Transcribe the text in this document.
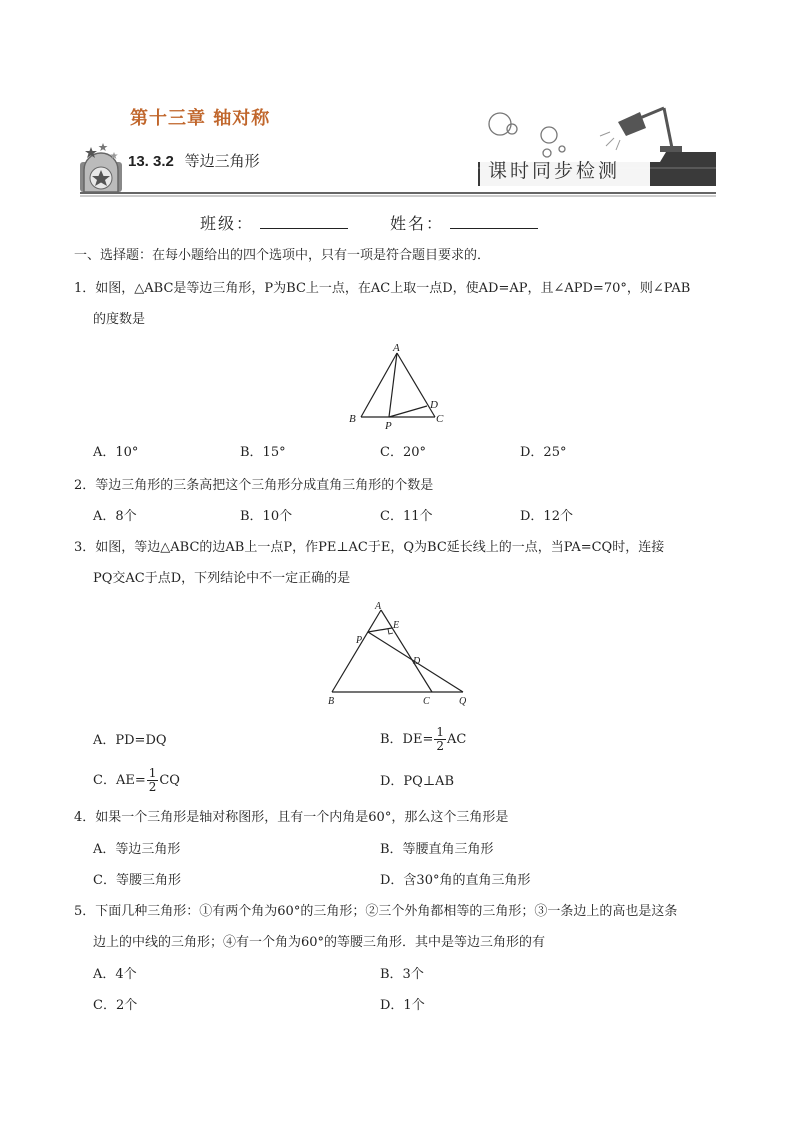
第十三章 轴对称
13. 3.2 等边三角形	课时同步检测
班级：	姓名：
一、选择题：在每小题给出的四个选项中，只有一项是符合题目要求的．
1．如图，△ABC是等边三角形，P为BC上一点，在AC上取一点D，使AD=AP，且∠APD=70°，则∠PAB
的度数是
A
B	C
D
P
A．10°	B．15°	C．20°	D．25°
2．等边三角形的三条高把这个三角形分成直角三角形的个数是
A．8个	B．10个	C．11个	D．12个
3．如图，等边△ABC的边AB上一点P，作PE⊥AC于E，Q为BC延长线上的一点，当PA=CQ时，连接
PQ交AC于点D，下列结论中不一定正确的是
A
E
P
D
B	C	Q
A．PD=DQ	B．$DE= \frac{1}{2}$ AC
C．$AE= \frac{1}{2}$ CQ	D．PQ⊥AB
4．如果一个三角形是轴对称图形，且有一个内角是60°，那么这个三角形是
A．等边三角形	B．等腰直角三角形
C．等腰三角形	D．含30°角的直角三角形
5．下面几种三角形：①有两个角为60°的三角形；②三个外角都相等的三角形；③一条边上的高也是这条
边上的中线的三角形；④有一个角为60°的等腰三角形．其中是等边三角形的有
A．4个	B．3个
C．2个	D．1个
